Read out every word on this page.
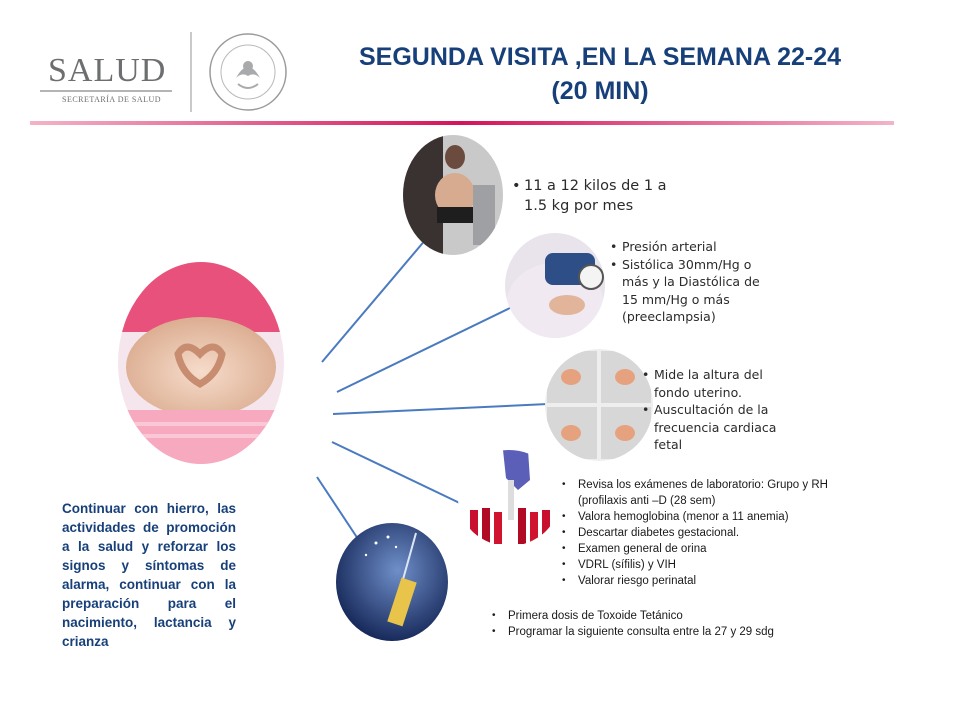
SALUD
SECRETARÍA DE SALUD
SEGUNDA VISITA ,EN LA SEMANA 22-24
(20 MIN)
• 11 a 12 kilos de 1 a 1.5 kg por mes
• Presión arterial
• Sistólica 30mm/Hg o más y la Diastólica de 15 mm/Hg o más (preeclampsia)
• Mide la altura del fondo uterino.
• Auscultación de la frecuencia cardiaca fetal
• Revisa los exámenes de laboratorio: Grupo y RH (profilaxis anti –D (28 sem)
• Valora hemoglobina (menor a 11 anemia)
• Descartar diabetes gestacional.
• Examen general de orina
• VDRL (sífilis) y VIH
• Valorar riesgo perinatal
• Primera dosis de Toxoide Tetánico
• Programar la siguiente consulta entre la 27 y 29 sdg
Continuar con hierro, las actividades de promoción a la salud y reforzar los signos y síntomas de alarma, continuar con la preparación para el nacimiento, lactancia y crianza
